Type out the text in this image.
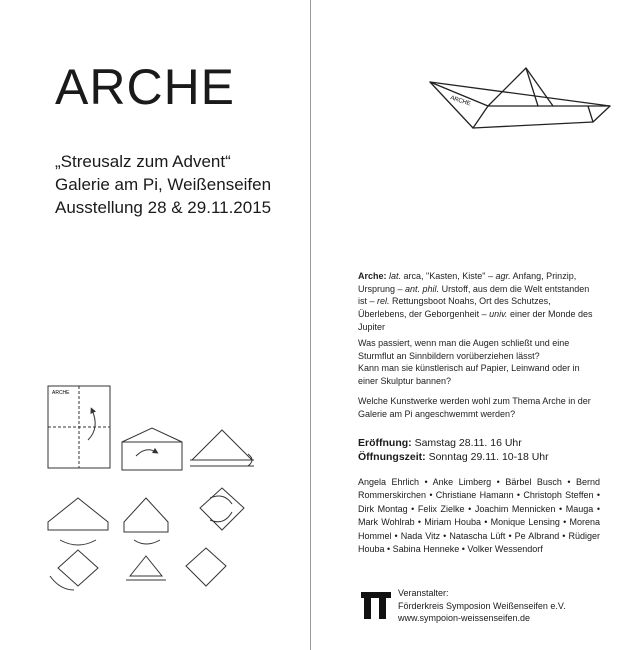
ARCHE
„Streusalz zum Advent“
Galerie am Pi, Weißenseifen
Ausstellung 28 & 29.11.2015
ARCHE
ARCHE

Arche: lat. arca, "Kasten, Kiste" – agr. Anfang, Prinzip, Ursprung – ant. phil. Urstoff, aus dem die Welt entstanden ist – rel. Rettungsboot Noahs, Ort des Schutzes, Überlebens, der Geborgenheit – univ. einer der Monde des Jupiter

Was passiert, wenn man die Augen schließt und eine Sturmflut an Sinnbildern vorüberziehen lässt?

Kann man sie künstlerisch auf Papier, Leinwand oder in einer Skulptur bannen?

Welche Kunstwerke werden wohl zum Thema Arche in der Galerie am Pi angeschwemmt werden?

Eröffnung: Samstag 28.11. 16 Uhr
Öffnungszeit: Sonntag 29.11. 10-18 Uhr
Angela Ehrlich • Anke Limberg • Bärbel Busch • Bernd Rommerskirchen • Christiane Hamann • Christoph Steffen • Dirk Montag • Felix Zielke • Joachim Mennicken • Mauga • Mark Wohlrab • Miriam Houba • Monique Lensing • Morena Hommel • Nada Vitz • Natascha Lüft • Pe Albrand • Rüdiger Houba • Sabina Henneke • Volker Wessendorf
Veranstalter:
Förderkreis Symposion Weißenseifen e.V.
www.sympoion-weissenseifen.de
